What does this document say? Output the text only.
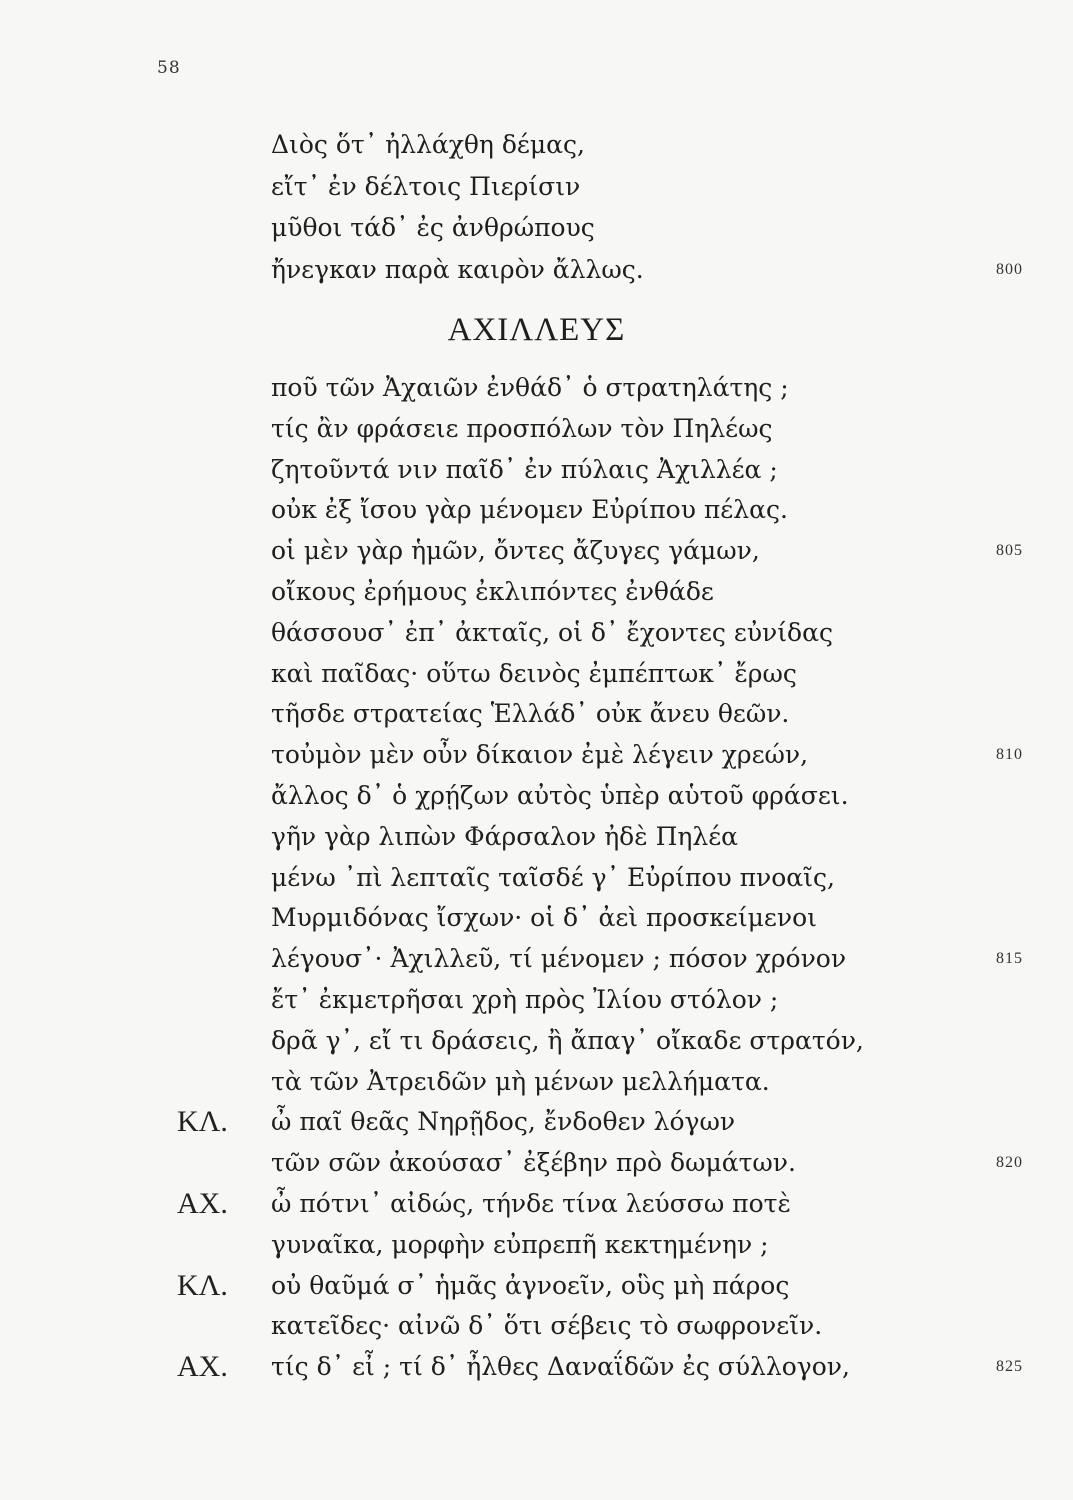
58
ΑΧΙΛΛΕΥΣ
Διὸς ὅτ᾽ ἠλλάχθη δέμας,
εἴτ᾽ ἐν δέλτοις Πιερίσιν
μῦθοι τάδ᾽ ἐς ἀνθρώπους
ἤνεγκαν παρὰ καιρὸν ἄλλως.	800
ποῦ τῶν Ἀχαιῶν ἐνθάδ᾽ ὁ στρατηλάτης ;
τίς ἂν φράσειε προσπόλων τὸν Πηλέως
ζητοῦντά νιν παῖδ᾽ ἐν πύλαις Ἀχιλλέα ;
οὐκ ἐξ ἴσου γὰρ μένομεν Εὐρίπου πέλας.
οἱ μὲν γὰρ ἡμῶν, ὄντες ἄζυγες γάμων,	805
οἴκους ἐρήμους ἐκλιπόντες ἐνθάδε
θάσσουσ᾽ ἐπ᾽ ἀκταῖς, οἱ δ᾽ ἔχοντες εὐνίδας
καὶ παῖδας· οὕτω δεινὸς ἐμπέπτωκ᾽ ἔρως
τῆσδε στρατείας Ἑλλάδ᾽ οὐκ ἄνευ θεῶν.
τοὐμὸν μὲν οὖν δίκαιον ἐμὲ λέγειν χρεών,	810
ἄλλος δ᾽ ὁ χρῄζων αὐτὸς ὑπὲρ αὑτοῦ φράσει.
γῆν γὰρ λιπὼν Φάρσαλον ἠδὲ Πηλέα
μένω ᾽πὶ λεπταῖς ταῖσδέ γ᾽ Εὐρίπου πνοαῖς,
Μυρμιδόνας ἴσχων· οἱ δ᾽ ἀεὶ προσκείμενοι
λέγουσ᾽· Ἀχιλλεῦ, τί μένομεν ; πόσον χρόνον	815
ἔτ᾽ ἐκμετρῆσαι χρὴ πρὸς Ἰλίου στόλον ;
δρᾶ γ᾽, εἴ τι δράσεις, ἢ ἄπαγ᾽ οἴκαδε στρατόν,
τὰ τῶν Ἀτρειδῶν μὴ μένων μελλήματα.
ΚΛ. ὦ παῖ θεᾶς Νηρῇδος, ἔνδοθεν λόγων
τῶν σῶν ἀκούσασ᾽ ἐξέβην πρὸ δωμάτων.	820
ΑΧ. ὦ πότνι᾽ αἰδώς, τήνδε τίνα λεύσσω ποτὲ
γυναῖκα, μορφὴν εὐπρεπῆ κεκτημένην ;
ΚΛ. οὐ θαῦμά σ᾽ ἡμᾶς ἀγνοεῖν, οὓς μὴ πάρος
κατεῖδες· αἰνῶ δ᾽ ὅτι σέβεις τὸ σωφρονεῖν.
ΑΧ. τίς δ᾽ εἶ ; τί δ᾽ ἦλθες Δαναΐδῶν ἐς σύλλογον,	825
